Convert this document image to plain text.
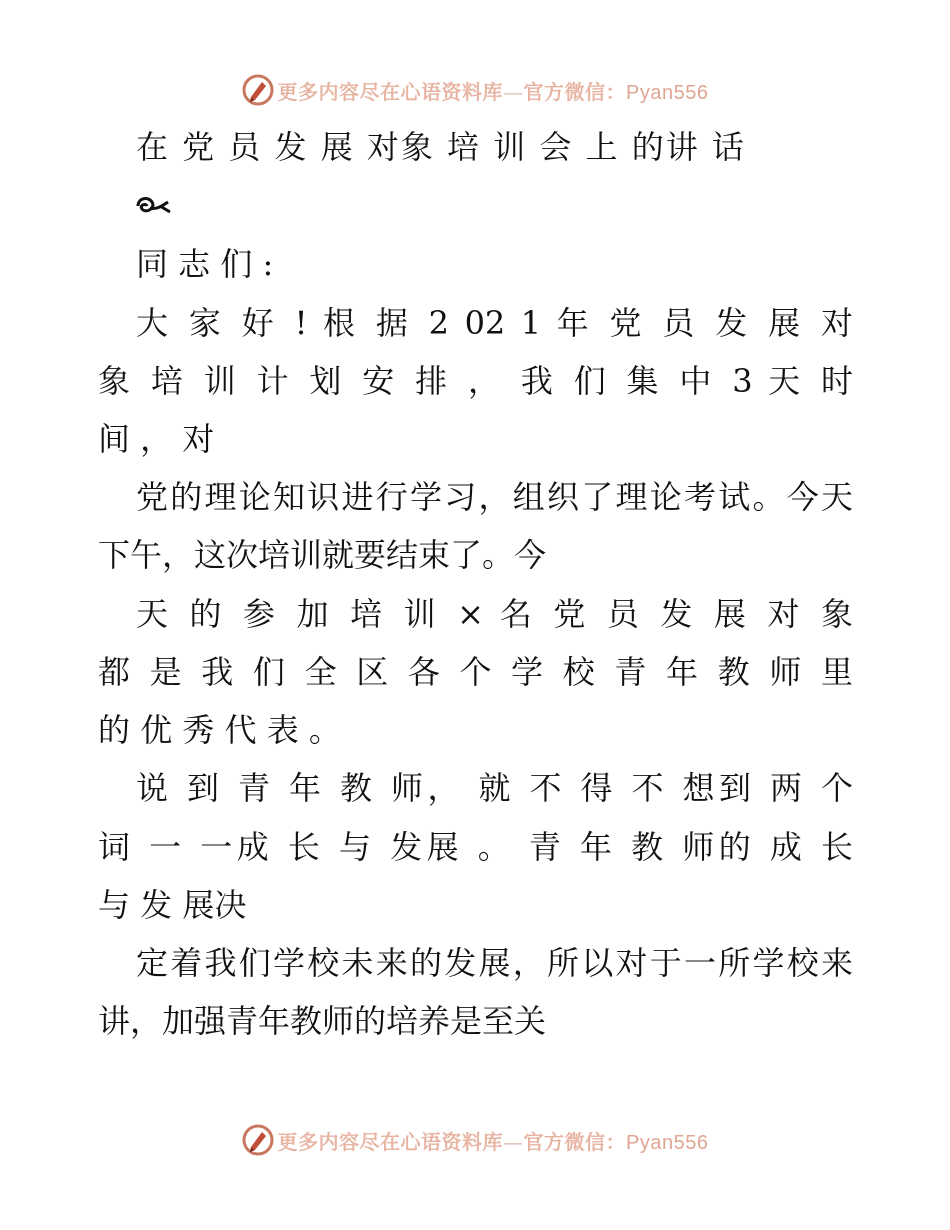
更多内容尽在心语资料库—官方微信：Pyan556
在 党 员 发 展 对象 培 训 会 上 的讲 话
同 志 们 :
大 家 好 ! 根 据 2 02 1 年 党 员 发 展 对
象 培 训 计 划 安 排 ， 我 们 集 中 3 天 时
间 ， 对
党的理论知识进行学习，组织了理论考试。今天
下午，这次培训就要结束了。今
天 的 参 加 培 训 × 名 党 员 发 展 对 象
都 是 我 们 全 区 各 个 学 校 青 年 教 师 里
的 优 秀 代 表 。
说 到 青 年 教 师， 就 不 得 不 想到 两 个
词 一 一成 长 与 发展 。 青 年 教 师的 成 长
与 发 展决
定着我们学校未来的发展，所以对于一所学校来
讲，加强青年教师的培养是至关
更多内容尽在心语资料库—官方微信：Pyan556
